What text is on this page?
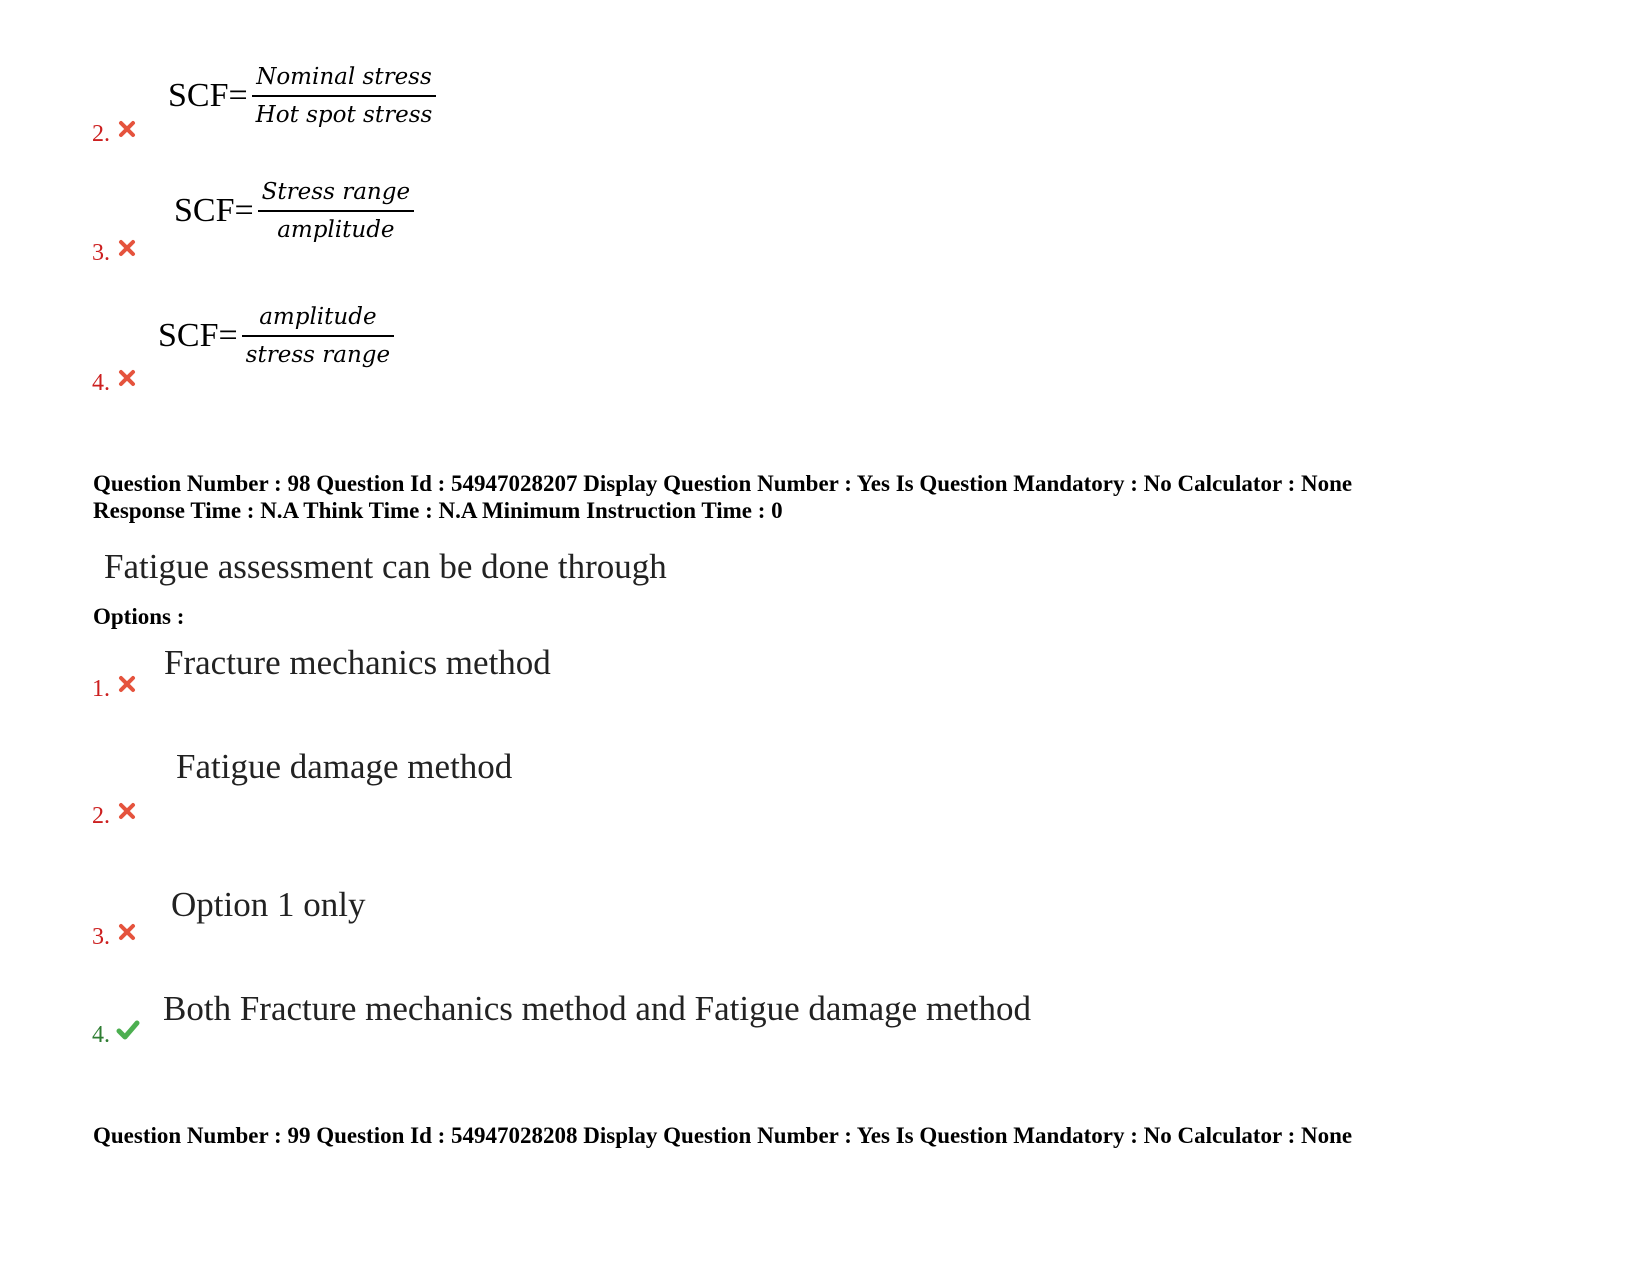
$SCF= \frac{\text{Nominal stress}}{\text{Hot spot stress}}$
2.
$SCF= \frac{\text{Stress range}}{\text{amplitude}}$
3.
$SCF= \frac{\text{amplitude}}{\text{stress range}}$
4.
Question Number : 98 Question Id : 54947028207 Display Question Number : Yes Is Question Mandatory : No Calculator : None
Response Time : N.A Think Time : N.A Minimum Instruction Time : 0
Fatigue assessment can be done through
Options :
Fracture mechanics method
1.
Fatigue damage method
2.
Option 1 only
3.
Both Fracture mechanics method and Fatigue damage method
4.
Question Number : 99 Question Id : 54947028208 Display Question Number : Yes Is Question Mandatory : No Calculator : None
